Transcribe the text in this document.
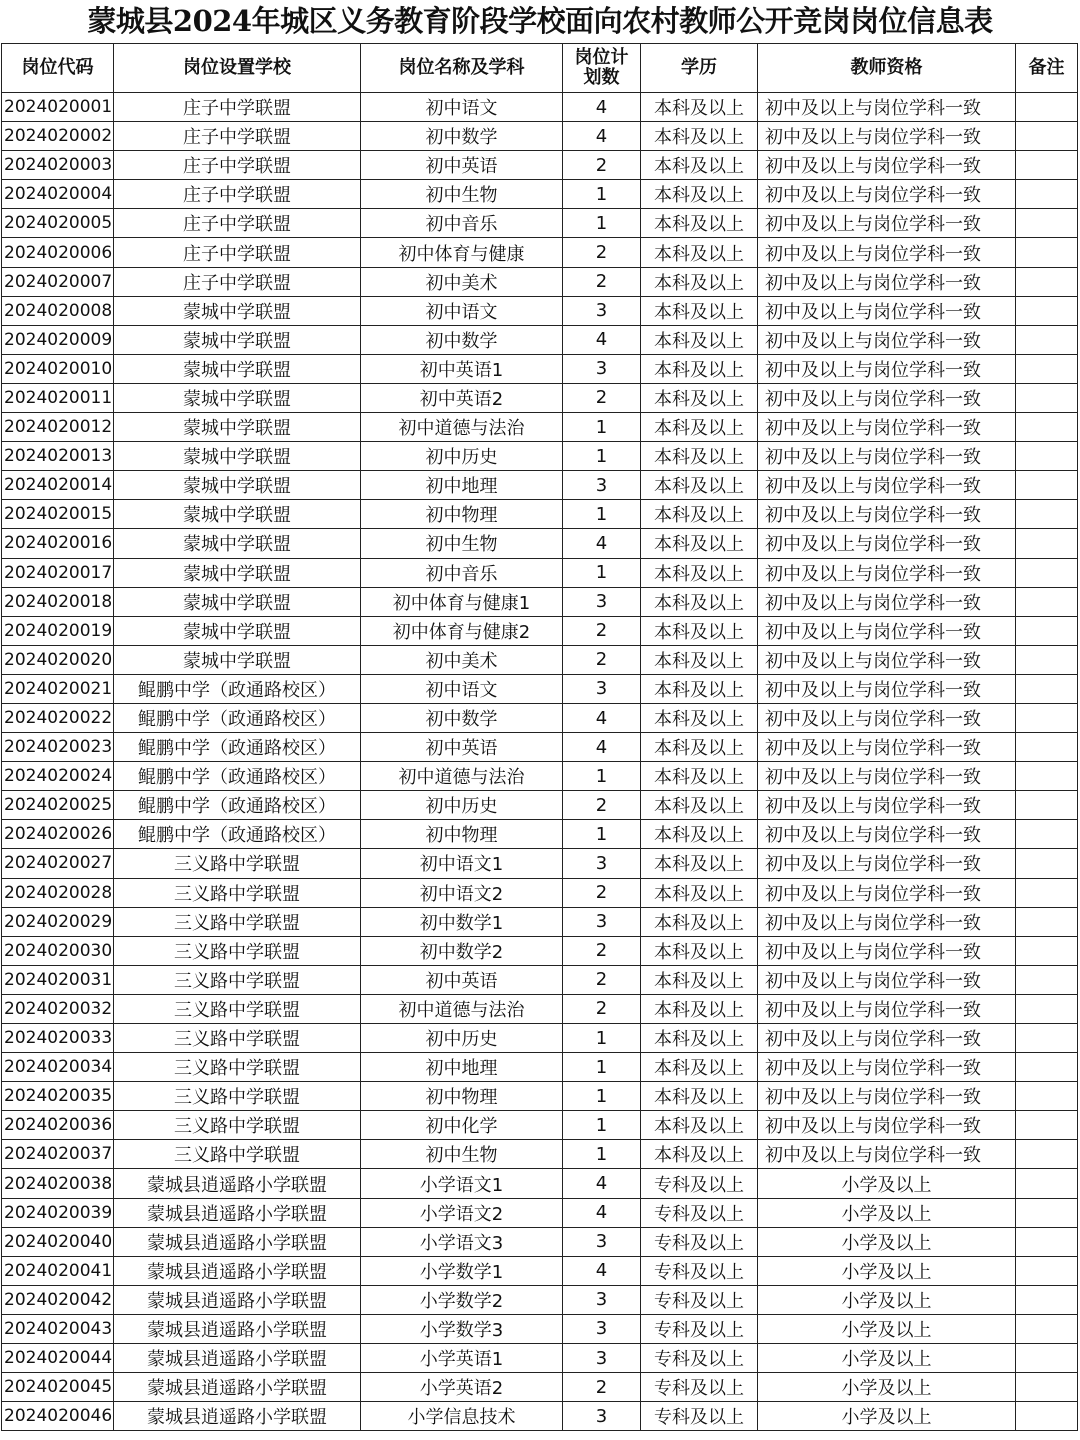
蒙城县2024年城区义务教育阶段学校面向农村教师公开竞岗岗位信息表
岗位代码	岗位设置学校	岗位名称及学科	岗位计划数	学历	教师资格	备注
2024020001	庄子中学联盟	初中语文	4	本科及以上	初中及以上与岗位学科一致	
2024020002	庄子中学联盟	初中数学	4	本科及以上	初中及以上与岗位学科一致	
2024020003	庄子中学联盟	初中英语	2	本科及以上	初中及以上与岗位学科一致	
2024020004	庄子中学联盟	初中生物	1	本科及以上	初中及以上与岗位学科一致	
2024020005	庄子中学联盟	初中音乐	1	本科及以上	初中及以上与岗位学科一致	
2024020006	庄子中学联盟	初中体育与健康	2	本科及以上	初中及以上与岗位学科一致	
2024020007	庄子中学联盟	初中美术	2	本科及以上	初中及以上与岗位学科一致	
2024020008	蒙城中学联盟	初中语文	3	本科及以上	初中及以上与岗位学科一致	
2024020009	蒙城中学联盟	初中数学	4	本科及以上	初中及以上与岗位学科一致	
2024020010	蒙城中学联盟	初中英语1	3	本科及以上	初中及以上与岗位学科一致	
2024020011	蒙城中学联盟	初中英语2	2	本科及以上	初中及以上与岗位学科一致	
2024020012	蒙城中学联盟	初中道德与法治	1	本科及以上	初中及以上与岗位学科一致	
2024020013	蒙城中学联盟	初中历史	1	本科及以上	初中及以上与岗位学科一致	
2024020014	蒙城中学联盟	初中地理	3	本科及以上	初中及以上与岗位学科一致	
2024020015	蒙城中学联盟	初中物理	1	本科及以上	初中及以上与岗位学科一致	
2024020016	蒙城中学联盟	初中生物	4	本科及以上	初中及以上与岗位学科一致	
2024020017	蒙城中学联盟	初中音乐	1	本科及以上	初中及以上与岗位学科一致	
2024020018	蒙城中学联盟	初中体育与健康1	3	本科及以上	初中及以上与岗位学科一致	
2024020019	蒙城中学联盟	初中体育与健康2	2	本科及以上	初中及以上与岗位学科一致	
2024020020	蒙城中学联盟	初中美术	2	本科及以上	初中及以上与岗位学科一致	
2024020021	鲲鹏中学（政通路校区）	初中语文	3	本科及以上	初中及以上与岗位学科一致	
2024020022	鲲鹏中学（政通路校区）	初中数学	4	本科及以上	初中及以上与岗位学科一致	
2024020023	鲲鹏中学（政通路校区）	初中英语	4	本科及以上	初中及以上与岗位学科一致	
2024020024	鲲鹏中学（政通路校区）	初中道德与法治	1	本科及以上	初中及以上与岗位学科一致	
2024020025	鲲鹏中学（政通路校区）	初中历史	2	本科及以上	初中及以上与岗位学科一致	
2024020026	鲲鹏中学（政通路校区）	初中物理	1	本科及以上	初中及以上与岗位学科一致	
2024020027	三义路中学联盟	初中语文1	3	本科及以上	初中及以上与岗位学科一致	
2024020028	三义路中学联盟	初中语文2	2	本科及以上	初中及以上与岗位学科一致	
2024020029	三义路中学联盟	初中数学1	3	本科及以上	初中及以上与岗位学科一致	
2024020030	三义路中学联盟	初中数学2	2	本科及以上	初中及以上与岗位学科一致	
2024020031	三义路中学联盟	初中英语	2	本科及以上	初中及以上与岗位学科一致	
2024020032	三义路中学联盟	初中道德与法治	2	本科及以上	初中及以上与岗位学科一致	
2024020033	三义路中学联盟	初中历史	1	本科及以上	初中及以上与岗位学科一致	
2024020034	三义路中学联盟	初中地理	1	本科及以上	初中及以上与岗位学科一致	
2024020035	三义路中学联盟	初中物理	1	本科及以上	初中及以上与岗位学科一致	
2024020036	三义路中学联盟	初中化学	1	本科及以上	初中及以上与岗位学科一致	
2024020037	三义路中学联盟	初中生物	1	本科及以上	初中及以上与岗位学科一致	
2024020038	蒙城县逍遥路小学联盟	小学语文1	4	专科及以上	小学及以上	
2024020039	蒙城县逍遥路小学联盟	小学语文2	4	专科及以上	小学及以上	
2024020040	蒙城县逍遥路小学联盟	小学语文3	3	专科及以上	小学及以上	
2024020041	蒙城县逍遥路小学联盟	小学数学1	4	专科及以上	小学及以上	
2024020042	蒙城县逍遥路小学联盟	小学数学2	3	专科及以上	小学及以上	
2024020043	蒙城县逍遥路小学联盟	小学数学3	3	专科及以上	小学及以上	
2024020044	蒙城县逍遥路小学联盟	小学英语1	3	专科及以上	小学及以上	
2024020045	蒙城县逍遥路小学联盟	小学英语2	2	专科及以上	小学及以上	
2024020046	蒙城县逍遥路小学联盟	小学信息技术	3	专科及以上	小学及以上	
